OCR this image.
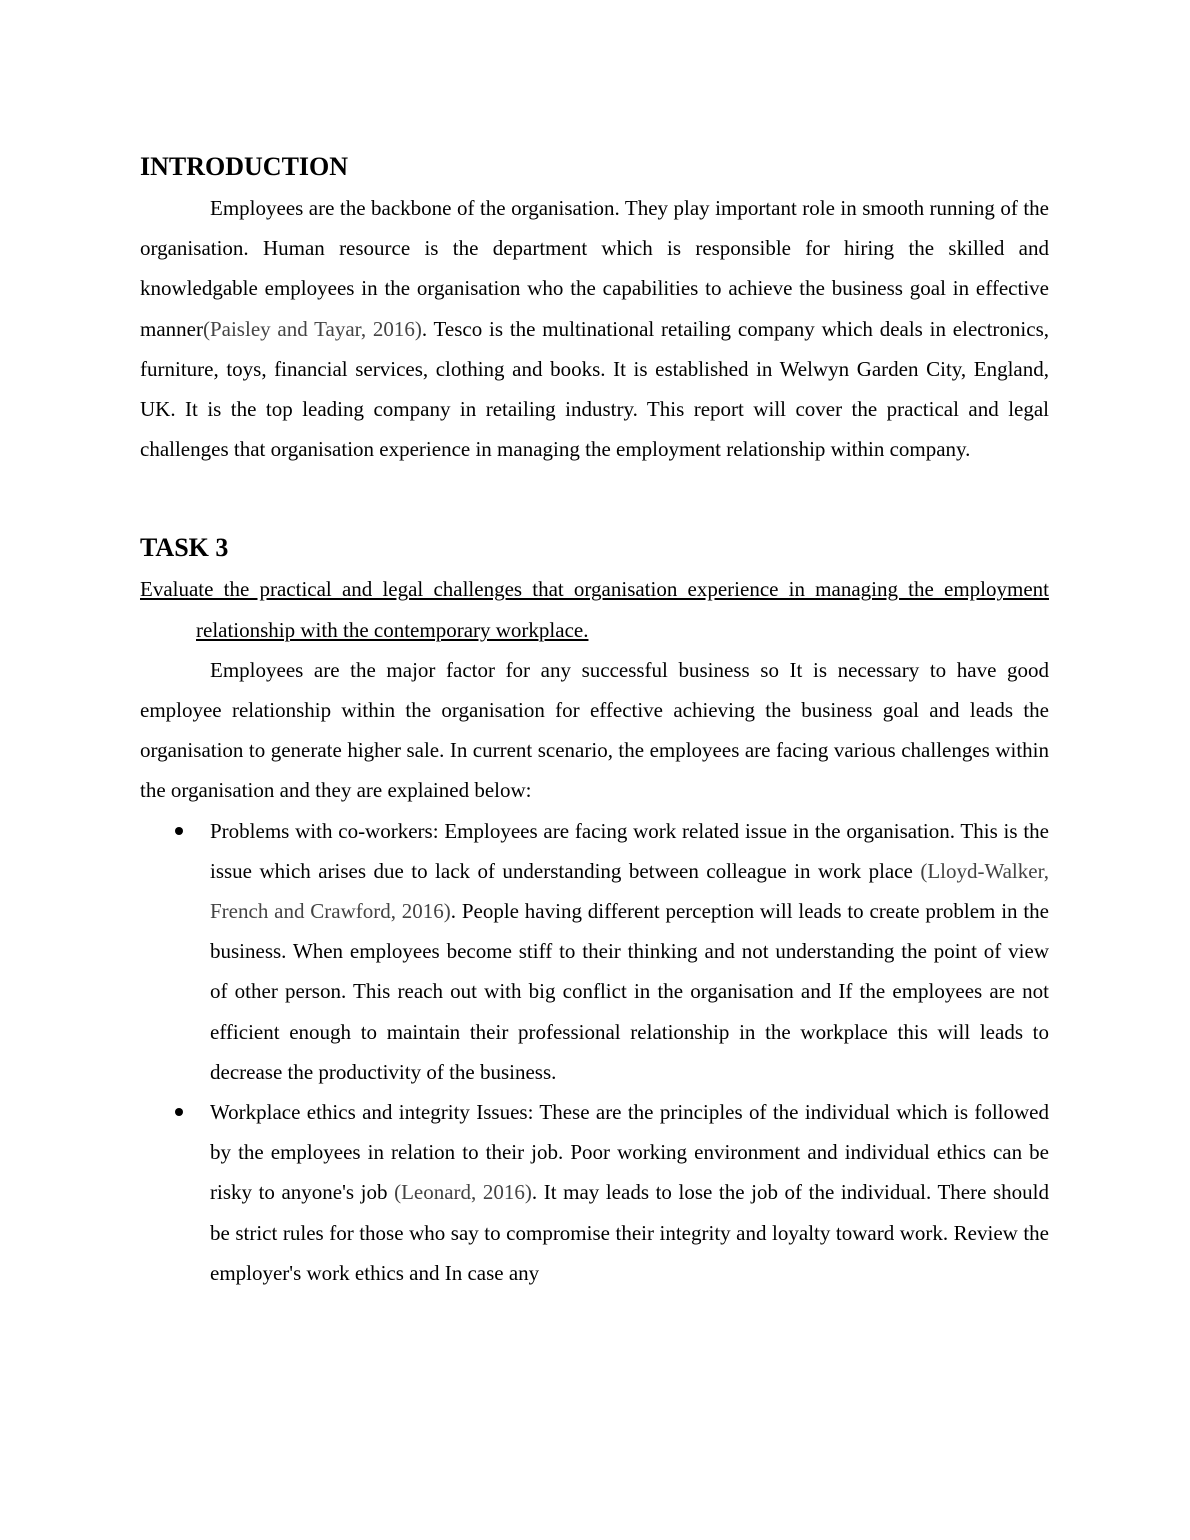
INTRODUCTION

Employees are the backbone of the organisation. They play important role in smooth running of the organisation. Human resource is the department which is responsible for hiring the skilled and knowledgable employees in the organisation who the capabilities to achieve the business goal in effective manner(Paisley and Tayar, 2016). Tesco is the multinational retailing company which deals in electronics, furniture, toys, financial services, clothing and books. It is established in Welwyn Garden City, England, UK. It is the top leading company in retailing industry. This report will cover the practical and legal challenges that organisation experience in managing the employment relationship within company.

TASK 3

Evaluate the practical and legal challenges that organisation experience in managing the employment relationship with the contemporary workplace.

Employees are the major factor for any successful business so It is necessary to have good employee relationship within the organisation for effective achieving the business goal and leads the organisation to generate higher sale. In current scenario, the employees are facing various challenges within the organisation and they are explained below:

Problems with co-workers: Employees are facing work related issue in the organisation. This is the issue which arises due to lack of understanding between colleague in work place (Lloyd-Walker, French and Crawford, 2016). People having different perception will leads to create problem in the business. When employees become stiff to their thinking and not understanding the point of view of other person. This reach out with big conflict in the organisation and If the employees are not efficient enough to maintain their professional relationship in the workplace this will leads to decrease the productivity of the business.
Workplace ethics and integrity Issues: These are the principles of the individual which is followed by the employees in relation to their job. Poor working environment and individual ethics can be risky to anyone's job (Leonard, 2016). It may leads to lose the job of the individual. There should be strict rules for those who say to compromise their integrity and loyalty toward work. Review the employer's work ethics and In case any
